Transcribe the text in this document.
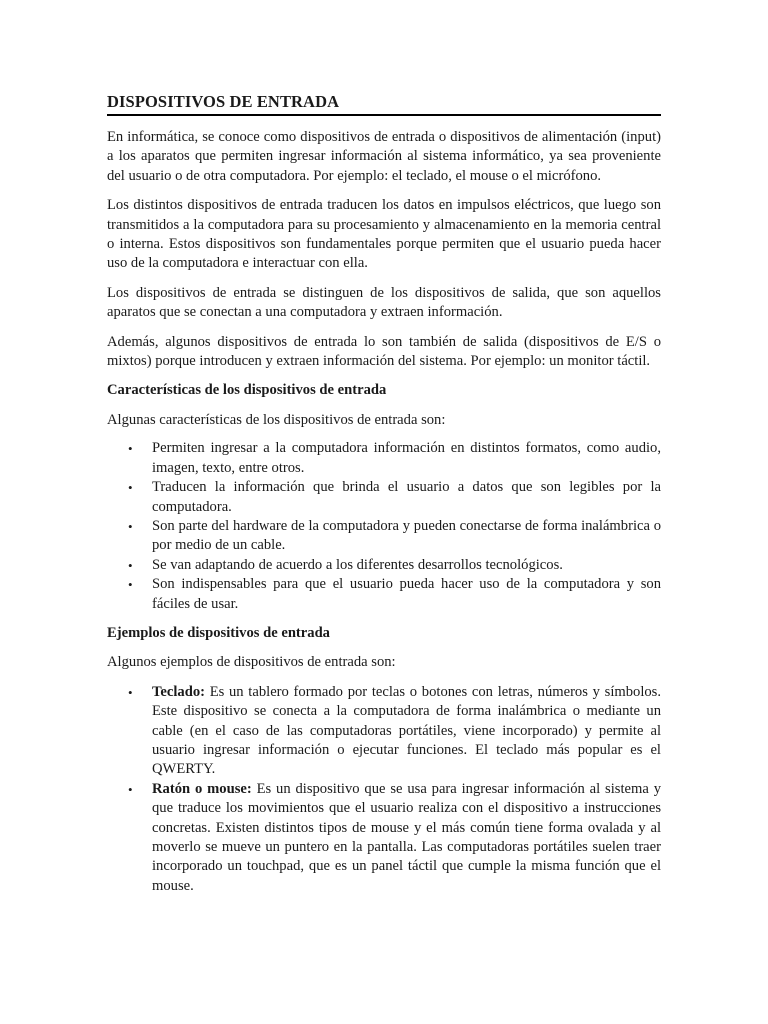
DISPOSITIVOS DE ENTRADA

En informática, se conoce como dispositivos de entrada o dispositivos de alimentación (input) a los aparatos que permiten ingresar información al sistema informático, ya sea proveniente del usuario o de otra computadora. Por ejemplo: el teclado, el mouse o el micrófono.

Los distintos dispositivos de entrada traducen los datos en impulsos eléctricos, que luego son transmitidos a la computadora para su procesamiento y almacenamiento en la memoria central o interna. Estos dispositivos son fundamentales porque permiten que el usuario pueda hacer uso de la computadora e interactuar con ella.

Los dispositivos de entrada se distinguen de los dispositivos de salida, que son aquellos aparatos que se conectan a una computadora y extraen información.

Además, algunos dispositivos de entrada lo son también de salida (dispositivos de E/S o mixtos) porque introducen y extraen información del sistema. Por ejemplo: un monitor táctil.

Características de los dispositivos de entrada

Algunas características de los dispositivos de entrada son:

• Permiten ingresar a la computadora información en distintos formatos, como audio, imagen, texto, entre otros.
• Traducen la información que brinda el usuario a datos que son legibles por la computadora.
• Son parte del hardware de la computadora y pueden conectarse de forma inalámbrica o por medio de un cable.
• Se van adaptando de acuerdo a los diferentes desarrollos tecnológicos.
• Son indispensables para que el usuario pueda hacer uso de la computadora y son fáciles de usar.
Ejemplos de dispositivos de entrada

Algunos ejemplos de dispositivos de entrada son:

• Teclado: Es un tablero formado por teclas o botones con letras, números y símbolos. Este dispositivo se conecta a la computadora de forma inalámbrica o mediante un cable (en el caso de las computadoras portátiles, viene incorporado) y permite al usuario ingresar información o ejecutar funciones. El teclado más popular es el QWERTY.
• Ratón o mouse: Es un dispositivo que se usa para ingresar información al sistema y que traduce los movimientos que el usuario realiza con el dispositivo a instrucciones concretas. Existen distintos tipos de mouse y el más común tiene forma ovalada y al moverlo se mueve un puntero en la pantalla. Las computadoras portátiles suelen traer incorporado un touchpad, que es un panel táctil que cumple la misma función que el mouse.
